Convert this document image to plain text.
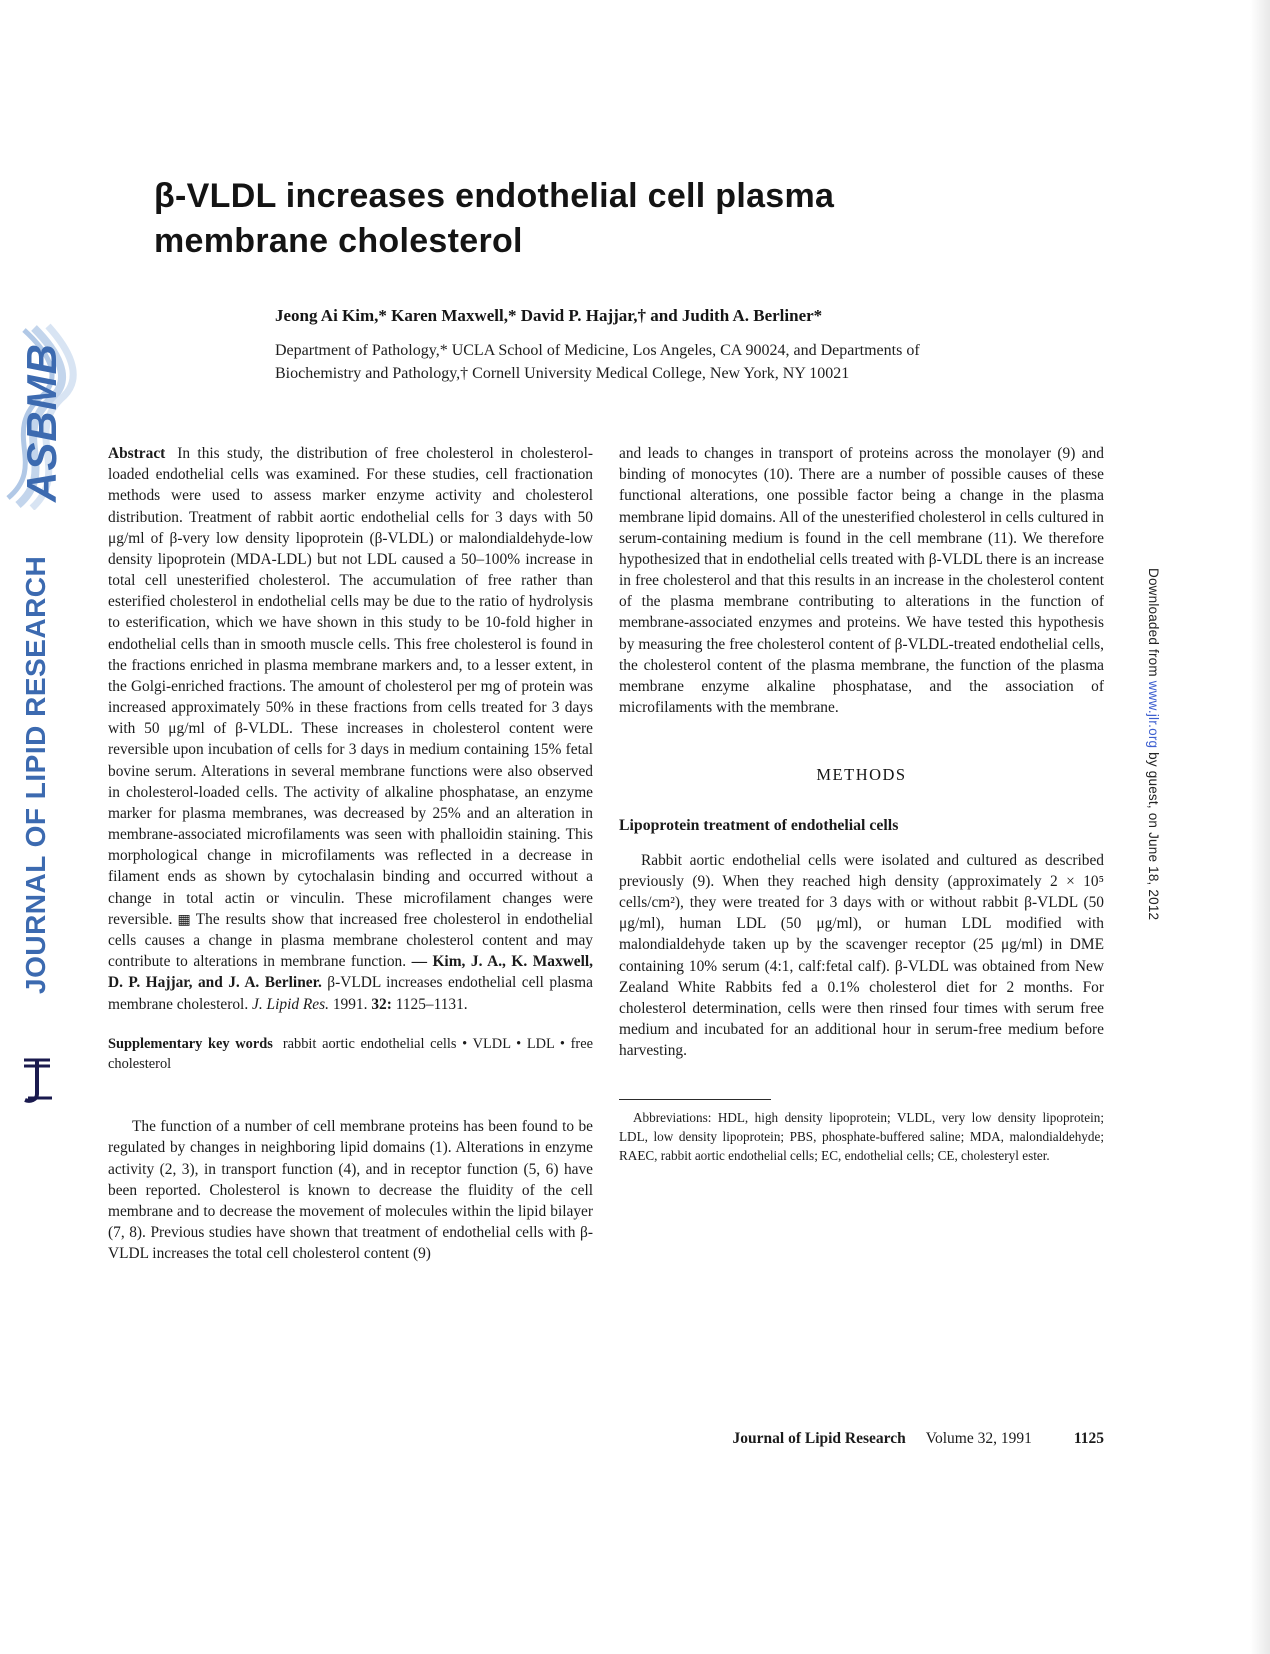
ASBMB
JOURNAL OF LIPID RESEARCH	Downloaded from www.jlr.org by guest, on June 18, 2012
β-VLDL increases endothelial cell plasma membrane cholesterol

Jeong Ai Kim,* Karen Maxwell,* David P. Hajjar,† and Judith A. Berliner*

Department of Pathology,* UCLA School of Medicine, Los Angeles, CA 90024, and Departments of
Biochemistry and Pathology,† Cornell University Medical College, New York, NY 10021

Abstract In this study, the distribution of free cholesterol in cholesterol-loaded endothelial cells was examined. For these studies, cell fractionation methods were used to assess marker enzyme activity and cholesterol distribution. Treatment of rabbit aortic endothelial cells for 3 days with 50 μg/ml of β-very low density lipoprotein (β-VLDL) or malondialdehyde-low density lipoprotein (MDA-LDL) but not LDL caused a 50–100% increase in total cell unesterified cholesterol. The accumulation of free rather than esterified cholesterol in endothelial cells may be due to the ratio of hydrolysis to esterification, which we have shown in this study to be 10-fold higher in endothelial cells than in smooth muscle cells. This free cholesterol is found in the fractions enriched in plasma membrane markers and, to a lesser extent, in the Golgi-enriched fractions. The amount of cholesterol per mg of protein was increased approximately 50% in these fractions from cells treated for 3 days with 50 μg/ml of β-VLDL. These increases in cholesterol content were reversible upon incubation of cells for 3 days in medium containing 15% fetal bovine serum. Alterations in several membrane functions were also observed in cholesterol-loaded cells. The activity of alkaline phosphatase, an enzyme marker for plasma membranes, was decreased by 25% and an alteration in membrane-associated microfilaments was seen with phalloidin staining. This morphological change in microfilaments was reflected in a decrease in filament ends as shown by cytochalasin binding and occurred without a change in total actin or vinculin. These microfilament changes were reversible. ▦ The results show that increased free cholesterol in endothelial cells causes a change in plasma membrane cholesterol content and may contribute to alterations in membrane function. — Kim, J. A., K. Maxwell, D. P. Hajjar, and J. A. Berliner. β-VLDL increases endothelial cell plasma membrane cholesterol. J. Lipid Res. 1991. 32: 1125–1131.

Supplementary key words rabbit aortic endothelial cells • VLDL • LDL • free cholesterol

The function of a number of cell membrane proteins has been found to be regulated by changes in neighboring lipid domains (1). Alterations in enzyme activity (2, 3), in transport function (4), and in receptor function (5, 6) have been reported. Cholesterol is known to decrease the fluidity of the cell membrane and to decrease the movement of molecules within the lipid bilayer (7, 8). Previous studies have shown that treatment of endothelial cells with β-VLDL increases the total cell cholesterol content (9)

and leads to changes in transport of proteins across the monolayer (9) and binding of monocytes (10). There are a number of possible causes of these functional alterations, one possible factor being a change in the plasma membrane lipid domains. All of the unesterified cholesterol in cells cultured in serum-containing medium is found in the cell membrane (11). We therefore hypothesized that in endothelial cells treated with β-VLDL there is an increase in free cholesterol and that this results in an increase in the cholesterol content of the plasma membrane contributing to alterations in the function of membrane-associated enzymes and proteins. We have tested this hypothesis by measuring the free cholesterol content of β-VLDL-treated endothelial cells, the cholesterol content of the plasma membrane, the function of the plasma membrane enzyme alkaline phosphatase, and the association of microfilaments with the membrane.

METHODS
Lipoprotein treatment of endothelial cells

Rabbit aortic endothelial cells were isolated and cultured as described previously (9). When they reached high density (approximately 2 × 10⁵ cells/cm²), they were treated for 3 days with or without rabbit β-VLDL (50 μg/ml), human LDL (50 μg/ml), or human LDL modified with malondialdehyde taken up by the scavenger receptor (25 μg/ml) in DME containing 10% serum (4:1, calf:fetal calf). β-VLDL was obtained from New Zealand White Rabbits fed a 0.1% cholesterol diet for 2 months. For cholesterol determination, cells were then rinsed four times with serum free medium and incubated for an additional hour in serum-free medium before harvesting.

Abbreviations: HDL, high density lipoprotein; VLDL, very low density lipoprotein; LDL, low density lipoprotein; PBS, phosphate-buffered saline; MDA, malondialdehyde; RAEC, rabbit aortic endothelial cells; EC, endothelial cells; CE, cholesteryl ester.

Journal of Lipid Research Volume 32, 1991	1125
